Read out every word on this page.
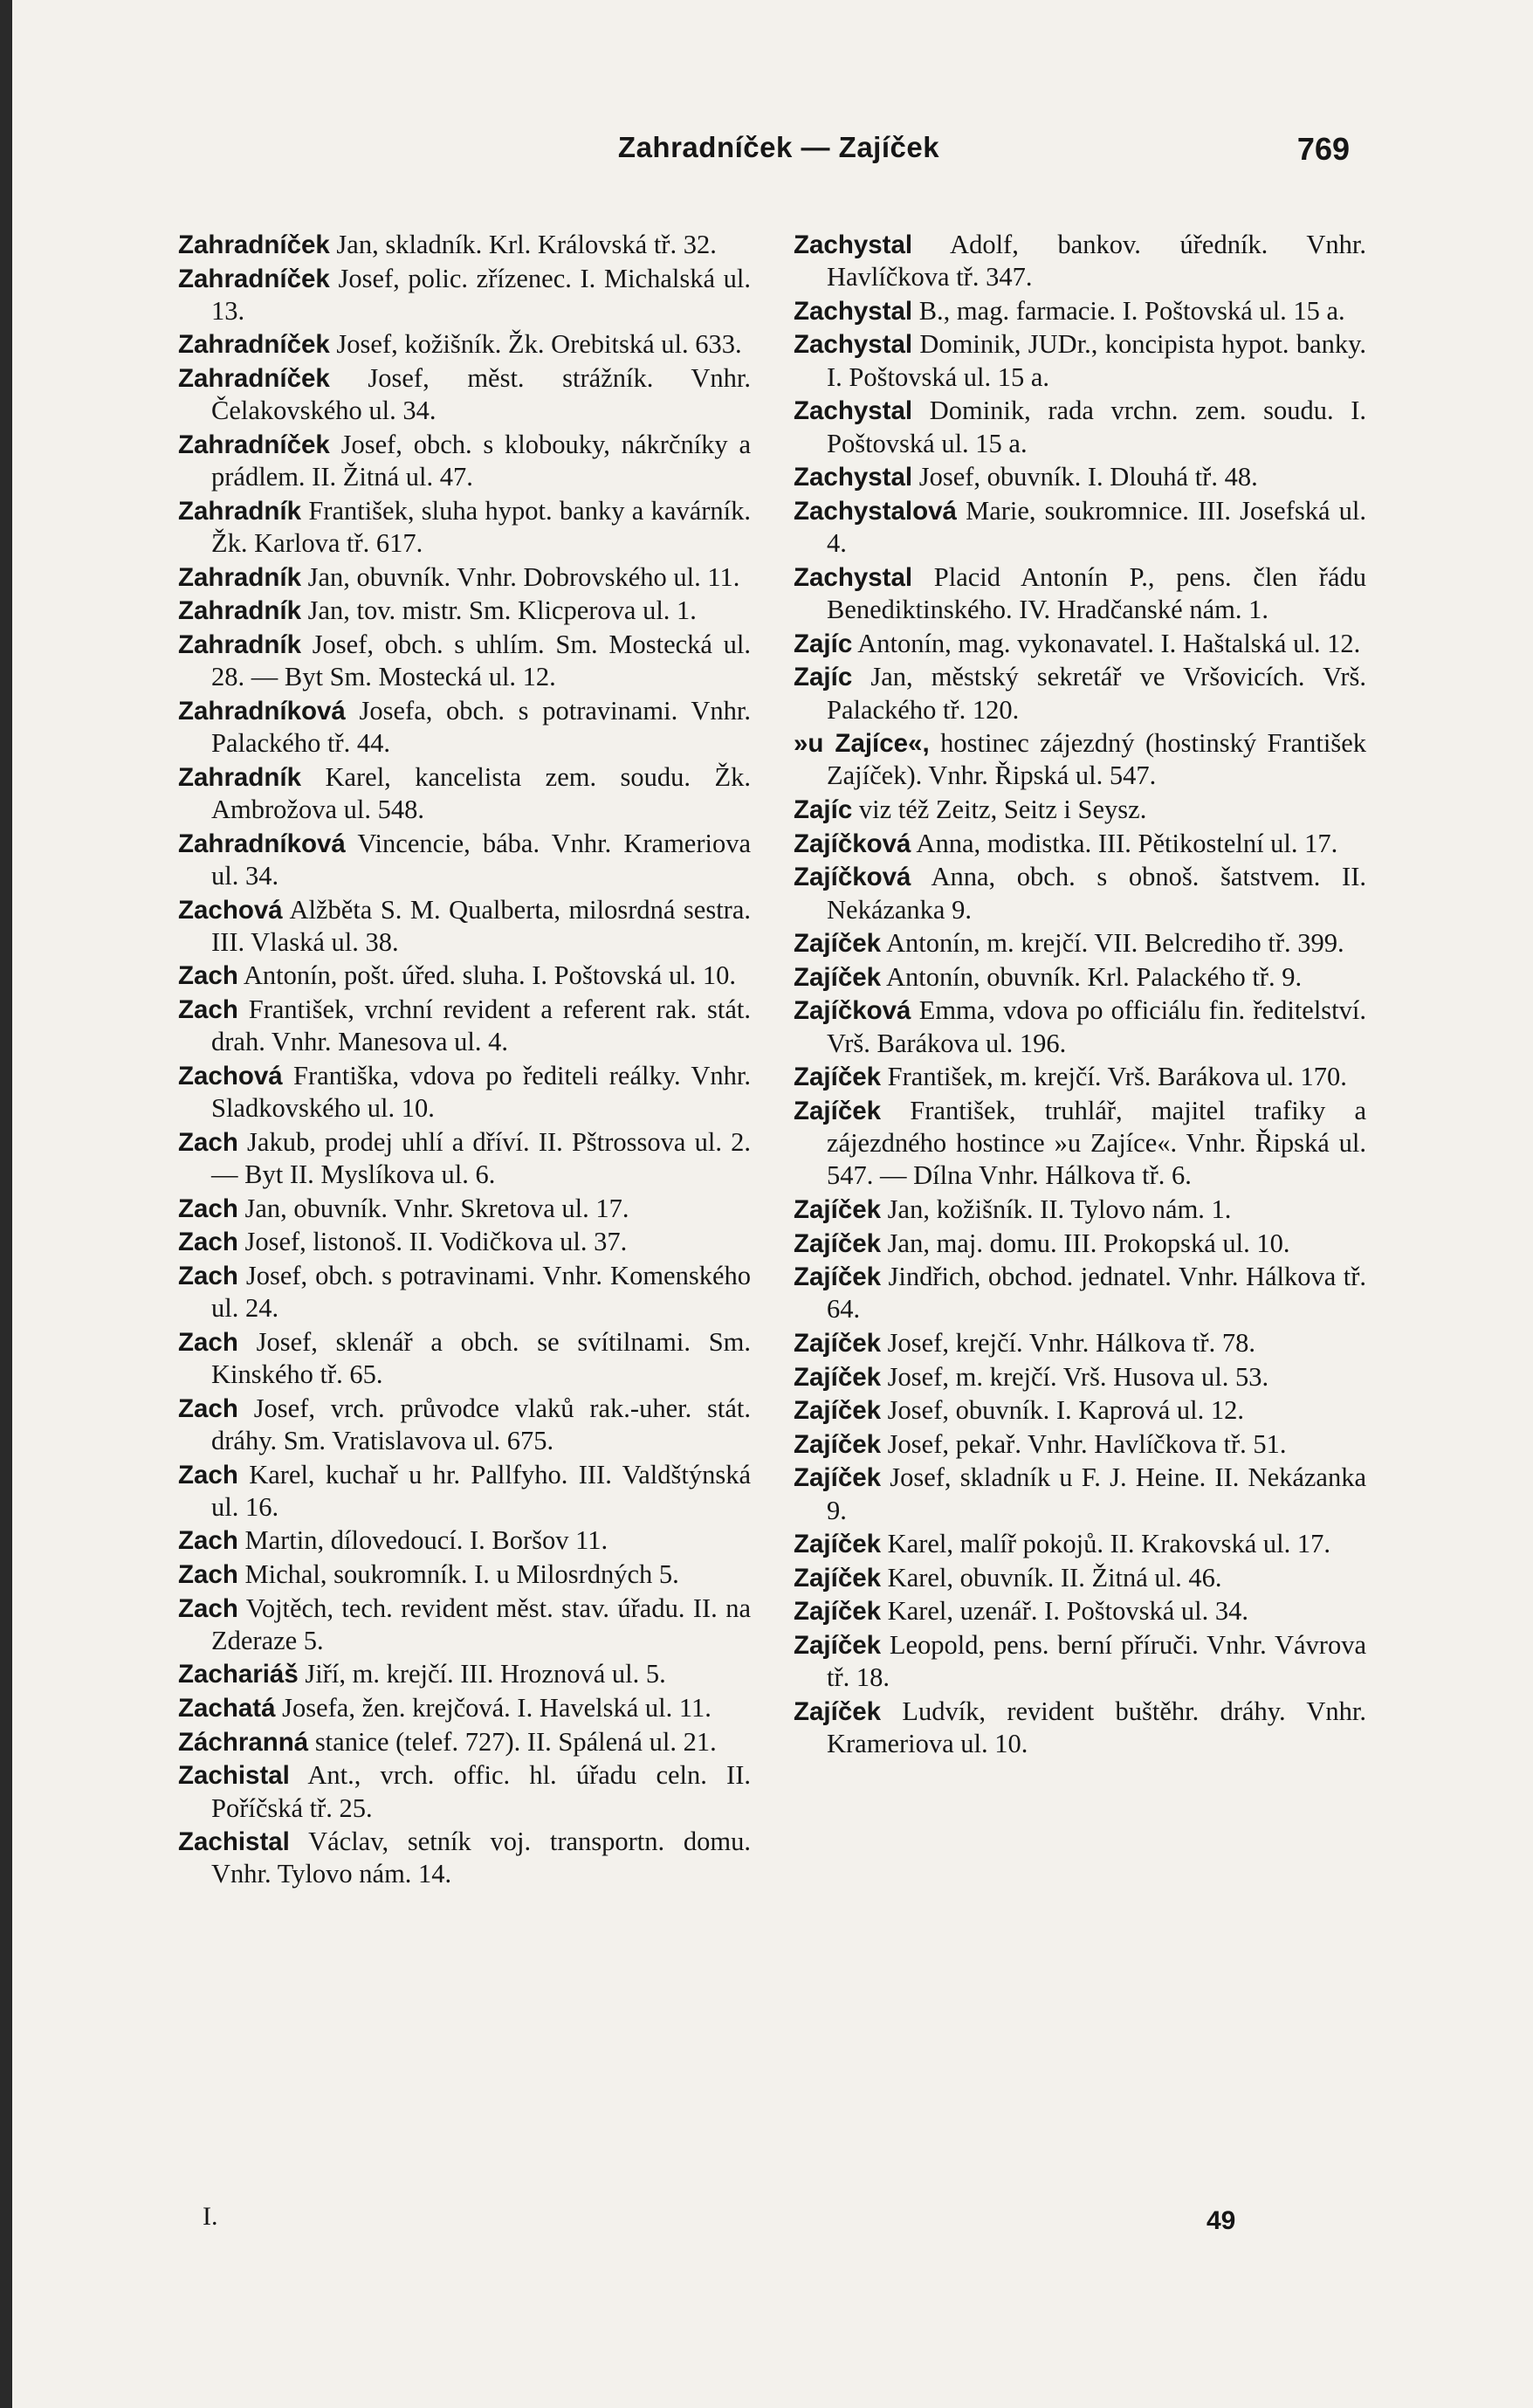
Zahradníček — Zajíček	769

Zahradníček Jan, skladník. Krl. Královská tř. 32.

Zahradníček Josef, polic. zřízenec. I. Michalská ul. 13.

Zahradníček Josef, kožišník. Žk. Orebitská ul. 633.

Zahradníček Josef, měst. strážník. Vnhr. Čelakovského ul. 34.

Zahradníček Josef, obch. s klobouky, nákrčníky a prádlem. II. Žitná ul. 47.

Zahradník František, sluha hypot. banky a kavárník. Žk. Karlova tř. 617.

Zahradník Jan, obuvník. Vnhr. Dobrovského ul. 11.

Zahradník Jan, tov. mistr. Sm. Klicperova ul. 1.

Zahradník Josef, obch. s uhlím. Sm. Mostecká ul. 28. — Byt Sm. Mostecká ul. 12.

Zahradníková Josefa, obch. s potravinami. Vnhr. Palackého tř. 44.

Zahradník Karel, kancelista zem. soudu. Žk. Ambrožova ul. 548.

Zahradníková Vincencie, bába. Vnhr. Krameriova ul. 34.

Zachová Alžběta S. M. Qualberta, milosrdná sestra. III. Vlaská ul. 38.

Zach Antonín, pošt. úřed. sluha. I. Poštovská ul. 10.

Zach František, vrchní revident a referent rak. stát. drah. Vnhr. Manesova ul. 4.

Zachová Františka, vdova po řediteli reálky. Vnhr. Sladkovského ul. 10.

Zach Jakub, prodej uhlí a dříví. II. Pštrossova ul. 2. — Byt II. Myslíkova ul. 6.

Zach Jan, obuvník. Vnhr. Skretova ul. 17.

Zach Josef, listonoš. II. Vodičkova ul. 37.

Zach Josef, obch. s potravinami. Vnhr. Komenského ul. 24.

Zach Josef, sklenář a obch. se svítilnami. Sm. Kinského tř. 65.

Zach Josef, vrch. průvodce vlaků rak.-uher. stát. dráhy. Sm. Vratislavova ul. 675.

Zach Karel, kuchař u hr. Pallfyho. III. Valdštýnská ul. 16.

Zach Martin, dílovedoucí. I. Boršov 11.

Zach Michal, soukromník. I. u Milosrdných 5.

Zach Vojtěch, tech. revident měst. stav. úřadu. II. na Zderaze 5.

Zachariáš Jiří, m. krejčí. III. Hroznová ul. 5.

Zachatá Josefa, žen. krejčová. I. Havelská ul. 11.

Záchranná stanice (telef. 727). II. Spálená ul. 21.

Zachistal Ant., vrch. offic. hl. úřadu celn. II. Poříčská tř. 25.

Zachistal Václav, setník voj. transportn. domu. Vnhr. Tylovo nám. 14.

Zachystal Adolf, bankov. úředník. Vnhr. Havlíčkova tř. 347.

Zachystal B., mag. farmacie. I. Poštovská ul. 15 a.

Zachystal Dominik, JUDr., koncipista hypot. banky. I. Poštovská ul. 15 a.

Zachystal Dominik, rada vrchn. zem. soudu. I. Poštovská ul. 15 a.

Zachystal Josef, obuvník. I. Dlouhá tř. 48.

Zachystalová Marie, soukromnice. III. Josefská ul. 4.

Zachystal Placid Antonín P., pens. člen řádu Benediktinského. IV. Hradčanské nám. 1.

Zajíc Antonín, mag. vykonavatel. I. Haštalská ul. 12.

Zajíc Jan, městský sekretář ve Vršovicích. Vrš. Palackého tř. 120.

»u Zajíce«, hostinec zájezdný (hostinský František Zajíček). Vnhr. Řipská ul. 547.

Zajíc viz též Zeitz, Seitz i Seysz.

Zajíčková Anna, modistka. III. Pětikostelní ul. 17.

Zajíčková Anna, obch. s obnoš. šatstvem. II. Nekázanka 9.

Zajíček Antonín, m. krejčí. VII. Belcrediho tř. 399.

Zajíček Antonín, obuvník. Krl. Palackého tř. 9.

Zajíčková Emma, vdova po officiálu fin. ředitelství. Vrš. Barákova ul. 196.

Zajíček František, m. krejčí. Vrš. Barákova ul. 170.

Zajíček František, truhlář, majitel trafiky a zájezdného hostince »u Zajíce«. Vnhr. Řipská ul. 547. — Dílna Vnhr. Hálkova tř. 6.

Zajíček Jan, kožišník. II. Tylovo nám. 1.

Zajíček Jan, maj. domu. III. Prokopská ul. 10.

Zajíček Jindřich, obchod. jednatel. Vnhr. Hálkova tř. 64.

Zajíček Josef, krejčí. Vnhr. Hálkova tř. 78.

Zajíček Josef, m. krejčí. Vrš. Husova ul. 53.

Zajíček Josef, obuvník. I. Kaprová ul. 12.

Zajíček Josef, pekař. Vnhr. Havlíčkova tř. 51.

Zajíček Josef, skladník u F. J. Heine. II. Nekázanka 9.

Zajíček Karel, malíř pokojů. II. Krakovská ul. 17.

Zajíček Karel, obuvník. II. Žitná ul. 46.

Zajíček Karel, uzenář. I. Poštovská ul. 34.

Zajíček Leopold, pens. berní příruči. Vnhr. Vávrova tř. 18.

Zajíček Ludvík, revident buštěhr. dráhy. Vnhr. Krameriova ul. 10.

I.	49
